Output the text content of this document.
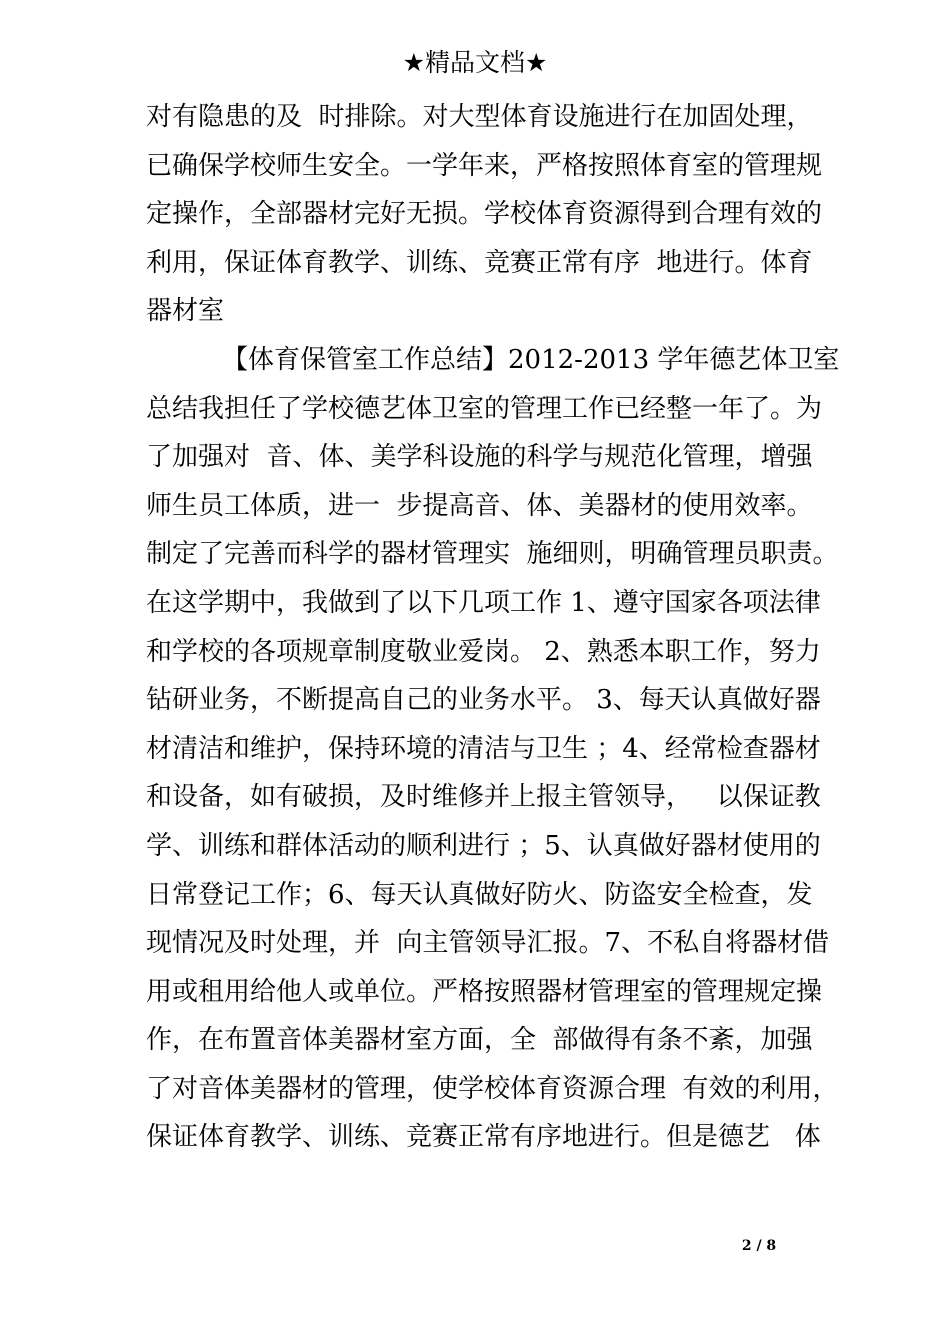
★精品文档★
对有隐患的及  时排除。对大型体育设施进行在加固处理，
已确保学校师生安全。一学年来，严格按照体育室的管理规
定操作，全部器材完好无损。学校体育资源得到合理有效的
利用，保证体育教学、训练、竞赛正常有序  地进行。体育
器材室
【体育保管室工作总结】2012-2013 学年德艺体卫室
总结我担任了学校德艺体卫室的管理工作已经整一年了。为
了加强对  音、体、美学科设施的科学与规范化管理，增强
师生员工体质，进一  步提高音、体、美器材的使用效率。
制定了完善而科学的器材管理实  施细则，明确管理员职责。
在这学期中，我做到了以下几项工作 1、遵守国家各项法律
和学校的各项规章制度敬业爱岗。 2、熟悉本职工作，努力
钻研业务，不断提高自己的业务水平。 3、每天认真做好器
材清洁和维护，保持环境的清洁与卫生 ；4、经常检查器材
和设备，如有破损，及时维修并上报主管领导，   以保证教
学、训练和群体活动的顺利进行 ；5、认真做好器材使用的
日常登记工作；6、每天认真做好防火、防盗安全检查，发
现情况及时处理，并  向主管领导汇报。7、不私自将器材借
用或租用给他人或单位。严格按照器材管理室的管理规定操
作，在布置音体美器材室方面，全  部做得有条不紊，加强
了对音体美器材的管理，使学校体育资源合理  有效的利用，
保证体育教学、训练、竞赛正常有序地进行。但是德艺   体
2 / 8
